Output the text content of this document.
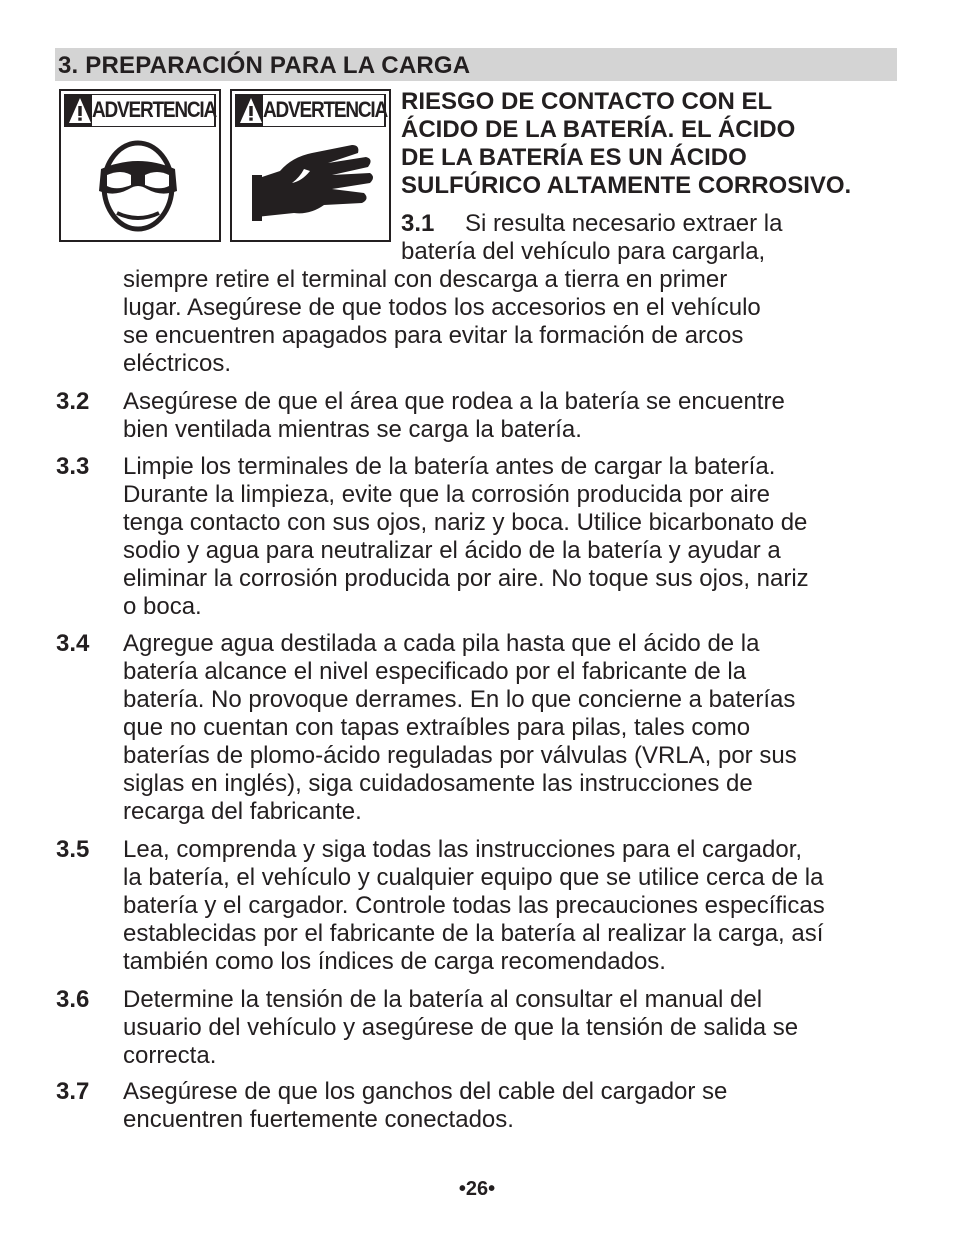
3. PREPARACIÓN PARA LA CARGA
ADVERTENCIA ADVERTENCIA RIESGO DE CONTACTO CON EL
ÁCIDO DE LA BATERÍA. EL ÁCIDO
DE LA BATERÍA ES UN ÁCIDO
SULFÚRICO ALTAMENTE CORROSIVO.
3.1 Si resulta necesario extraer la
batería del vehículo para cargarla,
siempre retire el terminal con descarga a tierra en primer
lugar. Asegúrese de que todos los accesorios en el vehículo
se encuentren apagados para evitar la formación de arcos
eléctricos.
3.2 Asegúrese de que el área que rodea a la batería se encuentre
bien ventilada mientras se carga la batería.
3.3 Limpie los terminales de la batería antes de cargar la batería.
Durante la limpieza, evite que la corrosión producida por aire
tenga contacto con sus ojos, nariz y boca. Utilice bicarbonato de
sodio y agua para neutralizar el ácido de la batería y ayudar a
eliminar la corrosión producida por aire. No toque sus ojos, nariz
o boca.
3.4 Agregue agua destilada a cada pila hasta que el ácido de la
batería alcance el nivel especificado por el fabricante de la
batería. No provoque derrames. En lo que concierne a baterías
que no cuentan con tapas extraíbles para pilas, tales como
baterías de plomo-ácido reguladas por válvulas (VRLA, por sus
siglas en inglés), siga cuidadosamente las instrucciones de
recarga del fabricante.
3.5 Lea, comprenda y siga todas las instrucciones para el cargador,
la batería, el vehículo y cualquier equipo que se utilice cerca de la
batería y el cargador. Controle todas las precauciones específicas
establecidas por el fabricante de la batería al realizar la carga, así
también como los índices de carga recomendados.
3.6 Determine la tensión de la batería al consultar el manual del
usuario del vehículo y asegúrese de que la tensión de salida se
correcta.
3.7 Asegúrese de que los ganchos del cable del cargador se
encuentren fuertemente conectados.
•26•
